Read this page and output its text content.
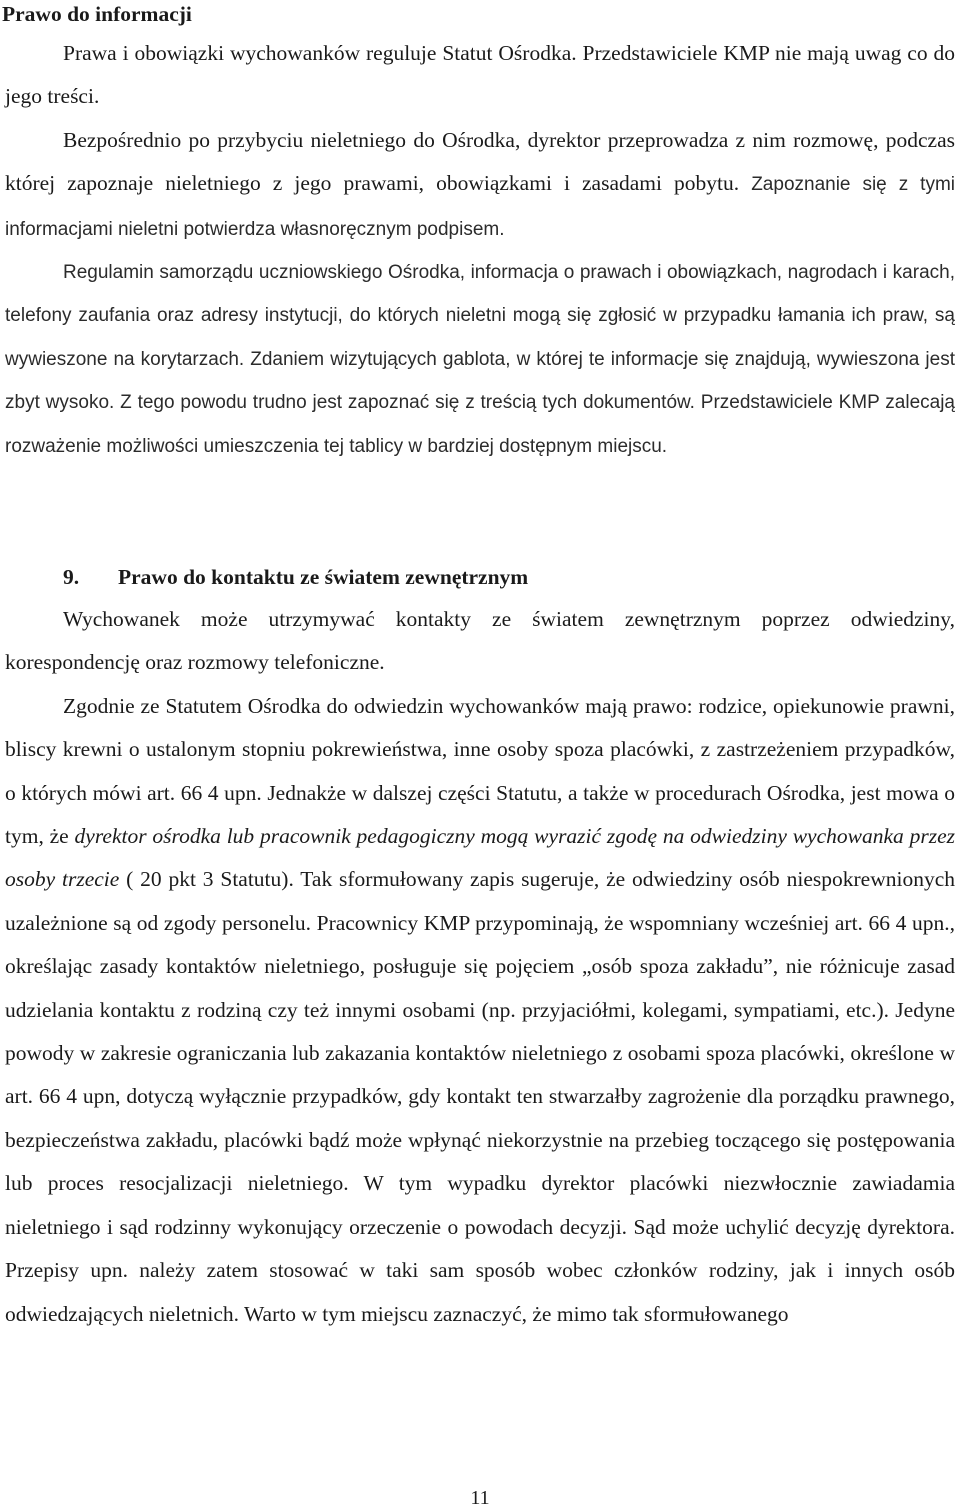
Prawo do informacji

Prawa i obowiązki wychowanków reguluje Statut Ośrodka. Przedstawiciele KMP nie mają uwag co do jego treści.

Bezpośrednio po przybyciu nieletniego do Ośrodka, dyrektor przeprowadza z nim rozmowę, podczas której zapoznaje nieletniego z jego prawami, obowiązkami i zasadami pobytu. Zapoznanie się z tymi informacjami nieletni potwierdza własnoręcznym podpisem.

Regulamin samorządu uczniowskiego Ośrodka, informacja o prawach i obowiązkach, nagrodach i karach, telefony zaufania oraz adresy instytucji, do których nieletni mogą się zgłosić w przypadku łamania ich praw, są wywieszone na korytarzach. Zdaniem wizytujących gablota, w której te informacje się znajdują, wywieszona jest zbyt wysoko. Z tego powodu trudno jest zapoznać się z treścią tych dokumentów. Przedstawiciele KMP zalecają rozważenie możliwości umieszczenia tej tablicy w bardziej dostępnym miejscu.

9. Prawo do kontaktu ze światem zewnętrznym

Wychowanek może utrzymywać kontakty ze światem zewnętrznym poprzez odwiedziny, korespondencję oraz rozmowy telefoniczne.

Zgodnie ze Statutem Ośrodka do odwiedzin wychowanków mają prawo: rodzice, opiekunowie prawni, bliscy krewni o ustalonym stopniu pokrewieństwa, inne osoby spoza placówki, z zastrzeżeniem przypadków, o których mówi art. 66 4 upn. Jednakże w dalszej części Statutu, a także w procedurach Ośrodka, jest mowa o tym, że dyrektor ośrodka lub pracownik pedagogiczny mogą wyrazić zgodę na odwiedziny wychowanka przez osoby trzecie ( 20 pkt 3 Statutu). Tak sformułowany zapis sugeruje, że odwiedziny osób niespokrewnionych uzależnione są od zgody personelu. Pracownicy KMP przypominają, że wspomniany wcześniej art. 66 4 upn., określając zasady kontaktów nieletniego, posługuje się pojęciem „osób spoza zakładu”, nie różnicuje zasad udzielania kontaktu z rodziną czy też innymi osobami (np. przyjaciółmi, kolegami, sympatiami, etc.). Jedyne powody w zakresie ograniczania lub zakazania kontaktów nieletniego z osobami spoza placówki, określone w art. 66 4 upn, dotyczą wyłącznie przypadków, gdy kontakt ten stwarzałby zagrożenie dla porządku prawnego, bezpieczeństwa zakładu, placówki bądź może wpłynąć niekorzystnie na przebieg toczącego się postępowania lub proces resocjalizacji nieletniego. W tym wypadku dyrektor placówki niezwłocznie zawiadamia nieletniego i sąd rodzinny wykonujący orzeczenie o powodach decyzji. Sąd może uchylić decyzję dyrektora. Przepisy upn. należy zatem stosować w taki sam sposób wobec członków rodziny, jak i innych osób odwiedzających nieletnich. Warto w tym miejscu zaznaczyć, że mimo tak sformułowanego

11
